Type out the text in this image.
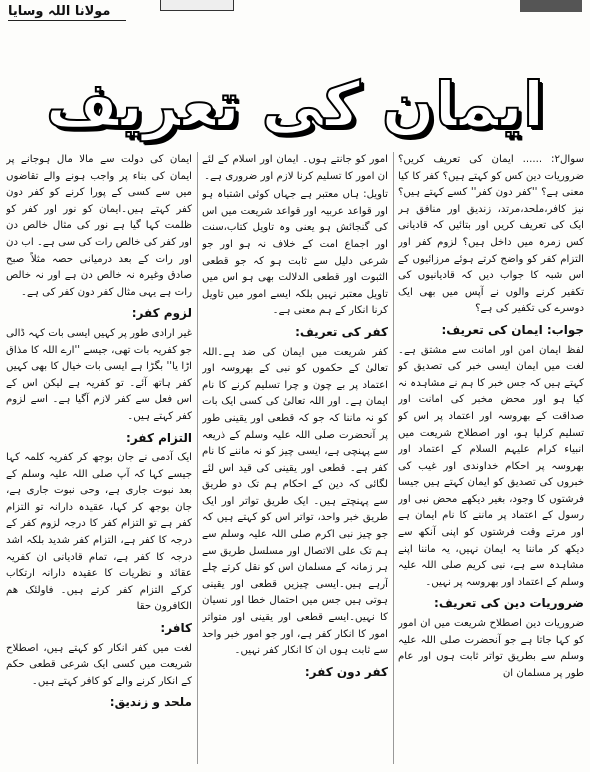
مولانا اللہ وسایا
ایمان کی تعریف

سوال۲: ...... ایمان کی تعریف کریں؟ ضروریات دین کس کو کہتے ہیں؟ کفر کا کیا معنی ہے؟ ''کفر دون کفر'' کسے کہتے ہیں؟ نیز کافر،ملحد،مرتد، زندیق اور منافق ہر ایک کی تعریف کریں اور بتائیں کہ قادیانی کس زمرہ میں داخل ہیں؟ لزوم کفر اور التزام کفر کو واضح کرتے ہوئے مرزائیوں کے اس شبہ کا جواب دیں کہ قادیانیوں کی تکفیر کرنے والوں نے آپس میں بھی ایک دوسرے کی تکفیر کی ہے؟

جواب: ایمان کی تعریف:

لفظ ایمان امن اور امانت سے مشتق ہے۔لغت میں ایمان ایسی خبر کی تصدیق کو کہتے ہیں کہ جس خبر کا ہم نے مشاہدہ نہ کیا ہو اور محض مخبر کی امانت اور صداقت کے بھروسہ اور اعتماد پر اس کو تسلیم کرلیا ہو، اور اصطلاح شریعت میں انبیاء کرام علیہم السلام کے اعتماد اور بھروسہ پر احکام خداوندی اور غیب کی خبروں کی تصدیق کو ایمان کہتے ہیں جیسا فرشتوں کا وجود، بغیر دیکھے محض نبی اور رسول کے اعتماد پر ماننے کا نام ایمان ہے اور مرتے وقت فرشتوں کو اپنی آنکھ سے دیکھ کر ماننا یہ ایمان نہیں، یہ ماننا اپنے مشاہدہ سے ہے، نبی کریم صلی اللہ علیہ وسلم کے اعتماد اور بھروسہ پر نہیں۔

ضروریات دین کی تعریف:

ضروریات دین اصطلاح شریعت میں ان امور کو کہا جاتا ہے جو آنحضرت صلی اللہ علیہ وسلم سے بطریق تواتر ثابت ہوں اور عام طور پر مسلمان ان

امور کو جانتے ہوں۔ ایمان اور اسلام کے لئے ان امور کا تسلیم کرنا لازم اور ضروری ہے۔

تاویل: ہاں معتبر ہے جہاں کوئی اشتباہ ہو اور قواعد عربیہ اور قواعد شریعت میں اس کی گنجائش ہو یعنی وہ تاویل کتاب،سنت اور اجماع امت کے خلاف نہ ہو اور جو شرعی دلیل سے ثابت ہو کہ جو قطعی الثبوت اور قطعی الدلالت بھی ہو اس میں تاویل معتبر نہیں بلکہ ایسے امور میں تاویل کرنا انکار کے ہم معنی ہے۔

کفر کی تعریف:

کفر شریعت میں ایمان کی ضد ہے۔اللہ تعالیٰ کے حکموں کو نبی کے بھروسہ اور اعتماد پر بے چون و چرا تسلیم کرنے کا نام ایمان ہے۔ اور اللہ تعالیٰ کی کسی ایک بات کو نہ ماننا کہ جو کہ قطعی اور یقینی طور پر آنحضرت صلی اللہ علیہ وسلم کے ذریعہ سے پہنچی ہے، ایسی چیز کو نہ ماننے کا نام کفر ہے۔ قطعی اور یقینی کی قید اس لئے لگائی کہ دین کے احکام ہم تک دو طریق سے پہنچتے ہیں۔ ایک طریق تواتر اور ایک طریق خبر واحد، تواتر اس کو کہتے ہیں کہ جو چیز نبی اکرم صلی اللہ علیہ وسلم سے ہم تک علی الاتصال اور مسلسل طریق سے ہر زمانہ کے مسلمان اس کو نقل کرتے چلے آرہے ہیں۔ایسی چیزیں قطعی اور یقینی ہوتی ہیں جس میں احتمال خطا اور نسیان کا نہیں۔ایسے قطعی اور یقینی اور متواتر امور کا انکار کفر ہے، اور جو امور خبر واحد سے ثابت ہوں ان کا انکار کفر نہیں۔

کفر دون کفر:

ایمان کی دولت سے مالا مال ہوجانے پر ایمان کی بناء پر واجب ہونے والے تقاضوں میں سے کسی کے پورا کرنے کو کفر دون کفر کہتے ہیں۔ایمان کو نور اور کفر کو ظلمت کہا گیا ہے نور کی مثال خالص دن اور کفر کی خالص رات کی سی ہے۔ اب دن اور رات کے بعد درمیانی حصہ مثلاً صبح صادق وغیرہ نہ خالص دن ہے اور نہ خالص رات ہے یہی مثال کفر دون کفر کی ہے۔

لزوم کفر:

غیر ارادی طور پر کہیں ایسی بات کہہ ڈالی جو کفریہ بات تھی، جیسے ''ارے اللہ کا مذاق اڑا یا'' بگڑا ہے ایسی بات خیال کا بھی کہیں کفر ہاتھ آئے۔ تو کفریہ ہے لیکن اس کے اس فعل سے کفر لازم آگیا ہے۔ اسے لزوم کفر کہتے ہیں۔

التزام کفر:

ایک آدمی نے جان بوجھ کر کفریہ کلمہ کہا جیسے کہا کہ آپ صلی اللہ علیہ وسلم کے بعد نبوت جاری ہے، وحی نبوت جاری ہے، جان بوجھ کر کہا، عقیدہ دارانہ تو التزام کفر ہے تو التزام کفر کا درجہ لزوم کفر کے درجہ کا کفر ہے، التزام کفر شدید بلکہ اشد درجہ کا کفر ہے، تمام قادیانی ان کفریہ عقائد و نظریات کا عقیدہ دارانہ ارتکاب کرکے التزام کفر کرتے ہیں۔ فاولئک ھم الکافرون حقا

کافر:

لغت میں کفر انکار کو کہتے ہیں، اصطلاح شریعت میں کسی ایک شرعی قطعی حکم کے انکار کرنے والے کو کافر کہتے ہیں۔

ملحد و زندیق:
